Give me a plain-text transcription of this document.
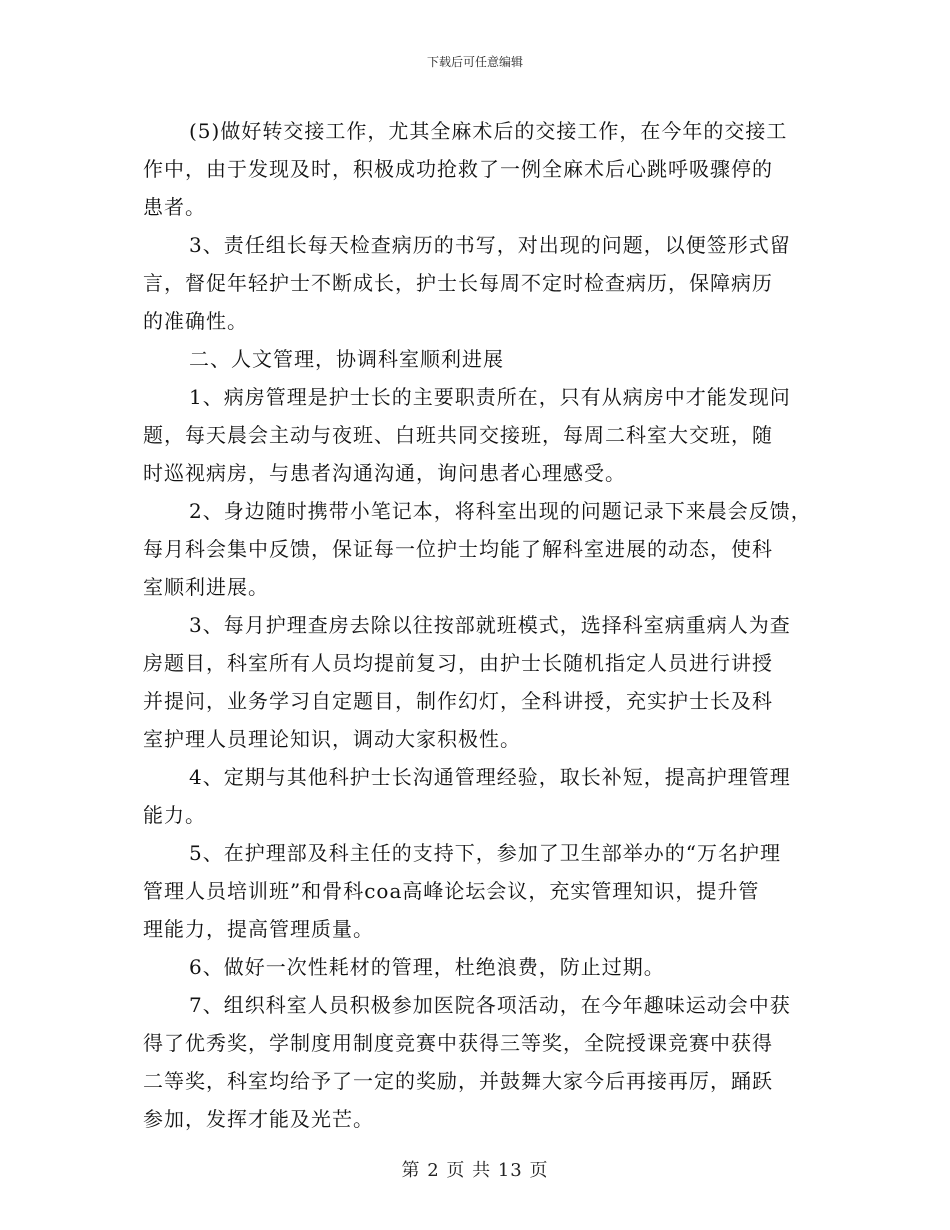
下载后可任意编辑
(5)做好转交接工作，尤其全麻术后的交接工作，在今年的交接工
作中，由于发现及时，积极成功抢救了一例全麻术后心跳呼吸骤停的
患者。
3、责任组长每天检查病历的书写，对出现的问题，以便签形式留
言，督促年轻护士不断成长，护士长每周不定时检查病历，保障病历
的准确性。
二、人文管理，协调科室顺利进展
1、病房管理是护士长的主要职责所在，只有从病房中才能发现问
题，每天晨会主动与夜班、白班共同交接班，每周二科室大交班，随
时巡视病房，与患者沟通沟通，询问患者心理感受。
2、身边随时携带小笔记本，将科室出现的问题记录下来晨会反馈，
每月科会集中反馈，保证每一位护士均能了解科室进展的动态，使科
室顺利进展。
3、每月护理查房去除以往按部就班模式，选择科室病重病人为查
房题目，科室所有人员均提前复习，由护士长随机指定人员进行讲授
并提问，业务学习自定题目，制作幻灯，全科讲授，充实护士长及科
室护理人员理论知识，调动大家积极性。
4、定期与其他科护士长沟通管理经验，取长补短，提高护理管理
能力。
5、在护理部及科主任的支持下，参加了卫生部举办的“万名护理
管理人员培训班”和骨科coa高峰论坛会议，充实管理知识，提升管
理能力，提高管理质量。
6、做好一次性耗材的管理，杜绝浪费，防止过期。
7、组织科室人员积极参加医院各项活动，在今年趣味运动会中获
得了优秀奖，学制度用制度竞赛中获得三等奖，全院授课竞赛中获得
二等奖，科室均给予了一定的奖励，并鼓舞大家今后再接再厉，踊跃
参加，发挥才能及光芒。
第 2 页 共 13 页
